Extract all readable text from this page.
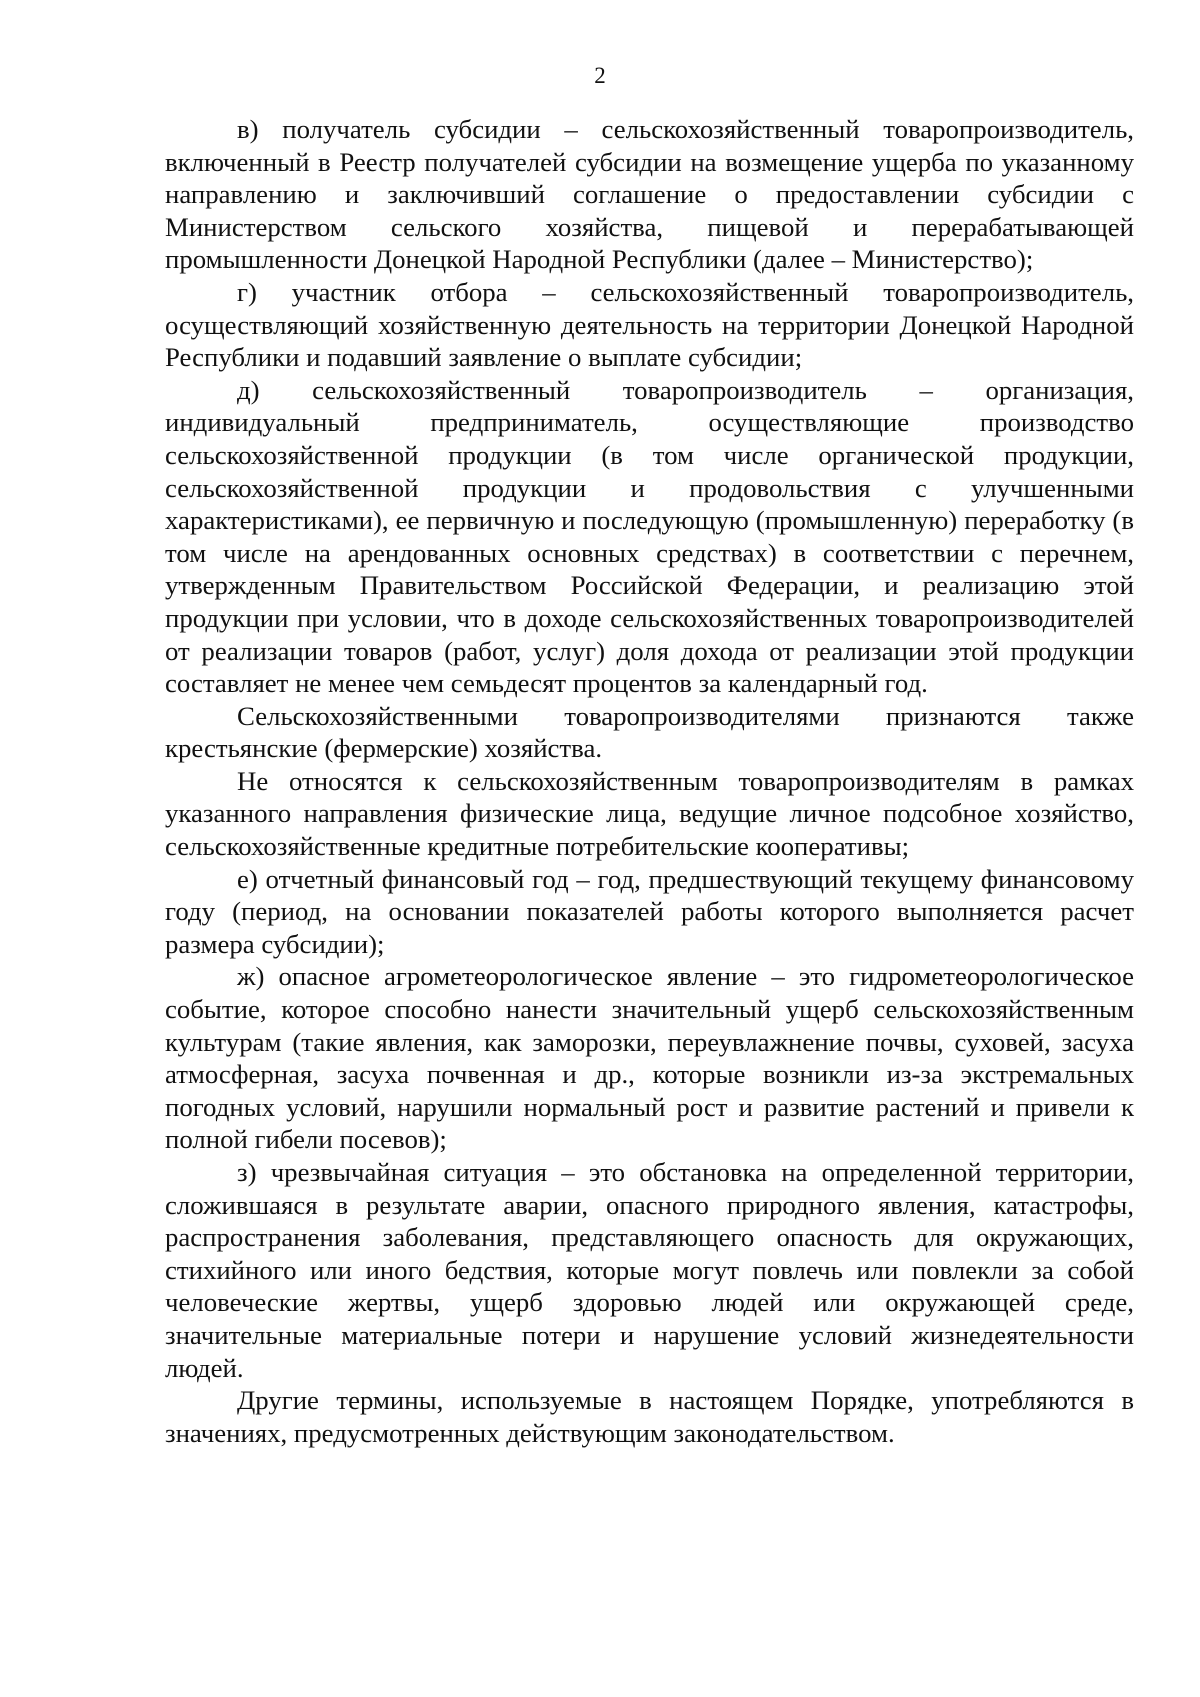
2

в) получатель субсидии – сельскохозяйственный товаропроизводитель, включенный в Реестр получателей субсидии на возмещение ущерба по указанному направлению и заключивший соглашение о предоставлении субсидии с Министерством сельского хозяйства, пищевой и перерабатывающей промышленности Донецкой Народной Республики (далее – Министерство);

г) участник отбора – сельскохозяйственный товаропроизводитель, осуществляющий хозяйственную деятельность на территории Донецкой Народной Республики и подавший заявление о выплате субсидии;

д) сельскохозяйственный товаропроизводитель – организация, индивидуальный предприниматель, осуществляющие производство сельскохозяйственной продукции (в том числе органической продукции, сельскохозяйственной продукции и продовольствия с улучшенными характеристиками), ее первичную и последующую (промышленную) переработку (в том числе на арендованных основных средствах) в соответствии с перечнем, утвержденным Правительством Российской Федерации, и реализацию этой продукции при условии, что в доходе сельскохозяйственных товаропроизводителей от реализации товаров (работ, услуг) доля дохода от реализации этой продукции составляет не менее чем семьдесят процентов за календарный год.

Сельскохозяйственными товаропроизводителями признаются также крестьянские (фермерские) хозяйства.

Не относятся к сельскохозяйственным товаропроизводителям в рамках указанного направления физические лица, ведущие личное подсобное хозяйство, сельскохозяйственные кредитные потребительские кооперативы;

е) отчетный финансовый год – год, предшествующий текущему финансовому году (период, на основании показателей работы которого выполняется расчет размера субсидии);

ж) опасное агрометеорологическое явление – это гидрометеорологическое событие, которое способно нанести значительный ущерб сельскохозяйственным культурам (такие явления, как заморозки, переувлажнение почвы, суховей, засуха атмосферная, засуха почвенная и др., которые возникли из-за экстремальных погодных условий, нарушили нормальный рост и развитие растений и привели к полной гибели посевов);

з) чрезвычайная ситуация – это обстановка на определенной территории, сложившаяся в результате аварии, опасного природного явления, катастрофы, распространения заболевания, представляющего опасность для окружающих, стихийного или иного бедствия, которые могут повлечь или повлекли за собой человеческие жертвы, ущерб здоровью людей или окружающей среде, значительные материальные потери и нарушение условий жизнедеятельности людей.

Другие термины, используемые в настоящем Порядке, употребляются в значениях, предусмотренных действующим законодательством.
